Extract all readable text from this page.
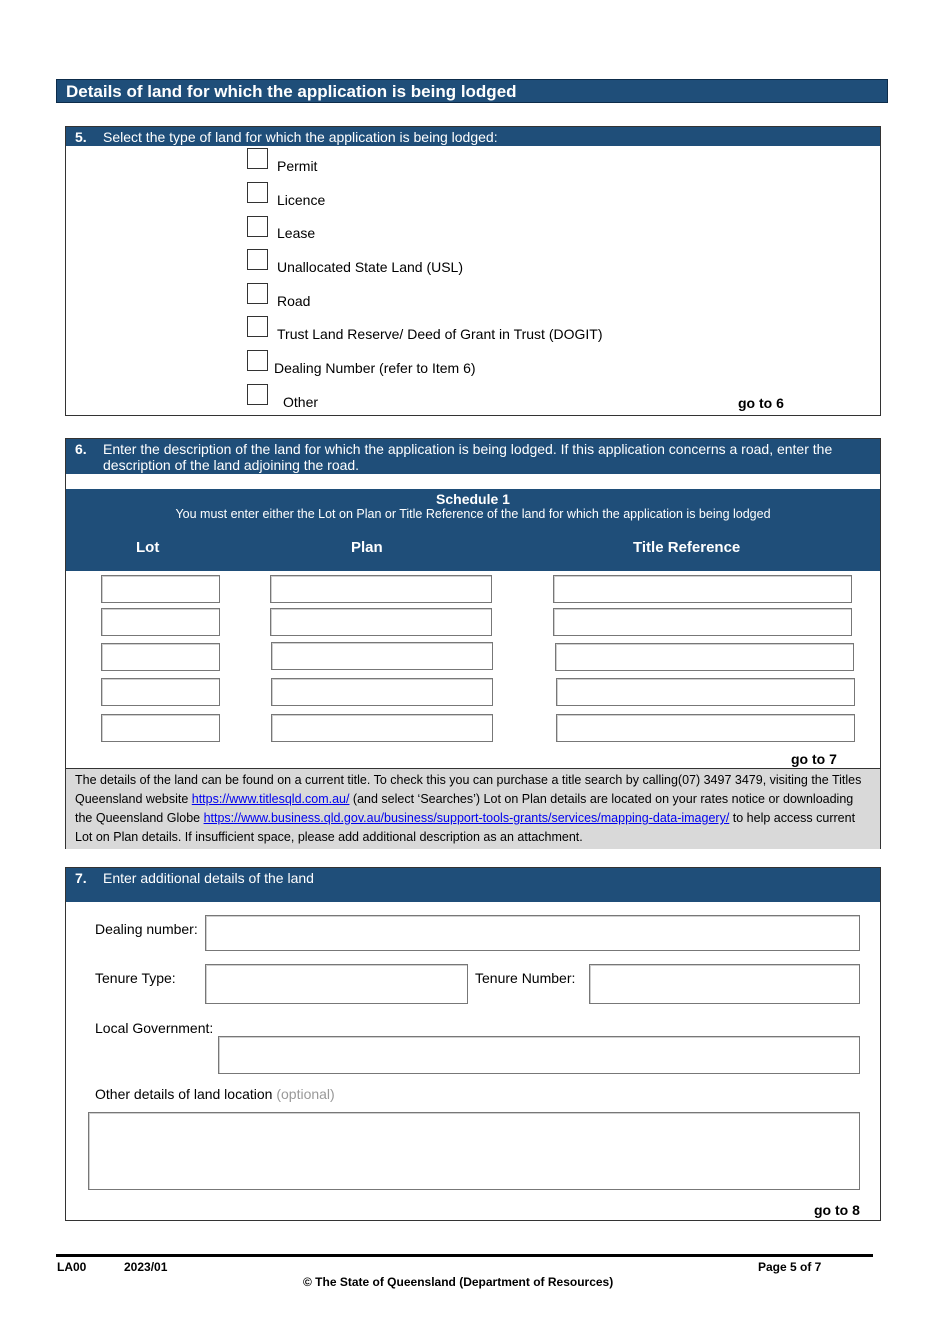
Details of land for which the application is being lodged
5. Select the type of land for which the application is being lodged:
Permit
Licence
Lease
Unallocated State Land (USL)
Road
Trust Land Reserve/ Deed of Grant in Trust (DOGIT)
Dealing Number (refer to Item 6)
Other	go to 6
6. Enter the description of the land for which the application is being lodged. If this application concerns a road, enter the description of the land adjoining the road.
Schedule 1
You must enter either the Lot on Plan or Title Reference of the land for which the application is being lodged
Lot	Plan	Title Reference
The details of the land can be found on a current title. To check this you can purchase a title search by calling(07) 3497 3479, visiting the Titles Queensland website https://www.titlesqld.com.au/ (and select ‘Searches’) Lot on Plan details are located on your rates notice or downloading the Queensland Globe https://www.business.qld.gov.au/business/support-tools-grants/services/mapping-data-imagery/ to help access current Lot on Plan details. If insufficient space, please add additional description as an attachment.
go to 7
7. Enter additional details of the land
Dealing number:
Tenure Type:	Tenure Number:
Local Government:
Other details of land location (optional)
go to 8
LA00	2023/01	Page 5 of 7
© The State of Queensland (Department of Resources)
